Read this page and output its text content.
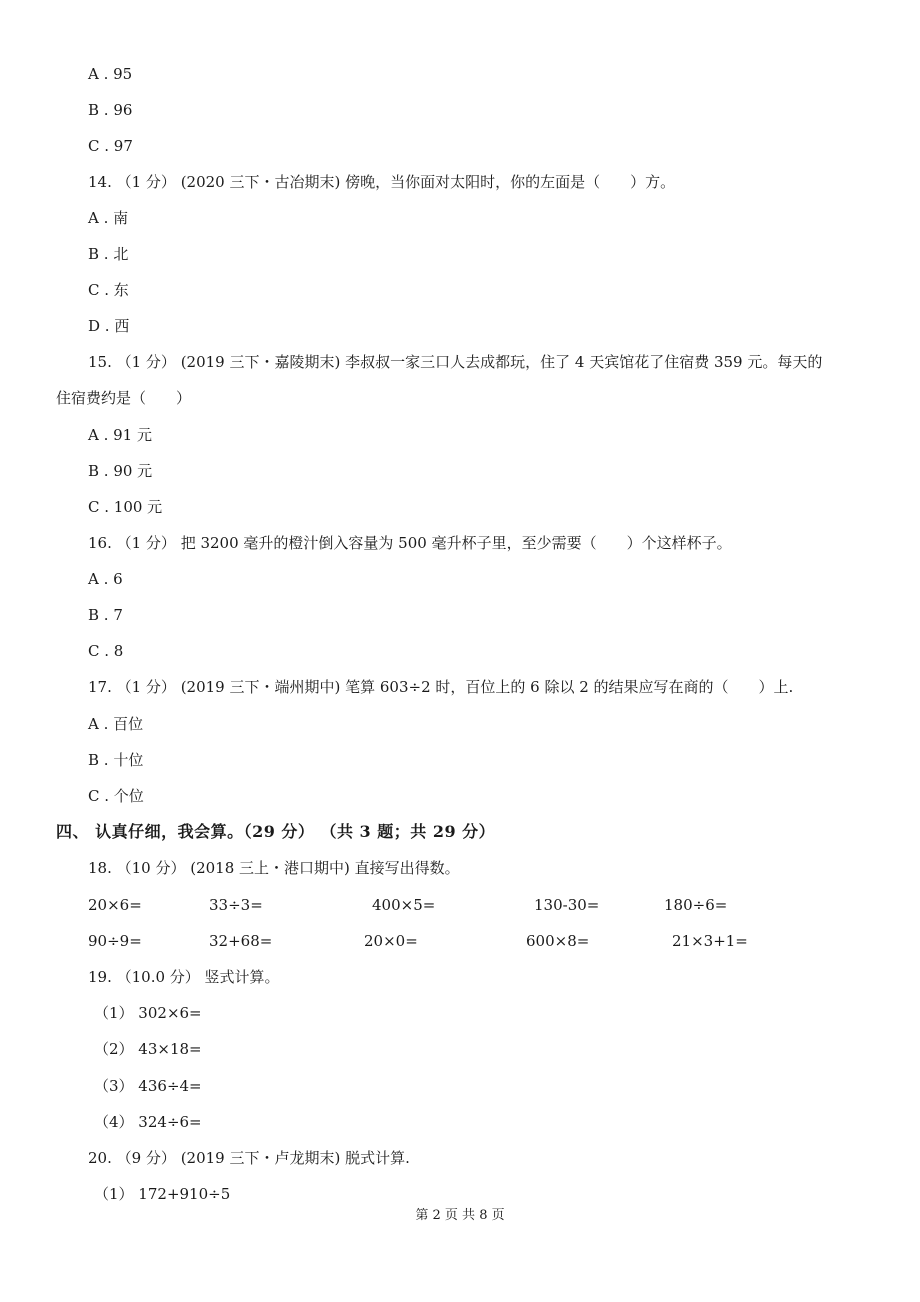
A . 95
B . 96
C . 97
14. （1 分） (2020 三下・古冶期末) 傍晚，当你面对太阳时，你的左面是（　　）方。
A . 南
B . 北
C . 东
D . 西
15. （1 分） (2019 三下・嘉陵期末) 李叔叔一家三口人去成都玩，住了 4 天宾馆花了住宿费 359 元。每天的
住宿费约是（　　）
A . 91 元
B . 90 元
C . 100 元
16. （1 分） 把 3200 毫升的橙汁倒入容量为 500 毫升杯子里，至少需要（　　）个这样杯子。
A . 6
B . 7
C . 8
17. （1 分） (2019 三下・端州期中) 笔算 603÷2 时，百位上的 6 除以 2 的结果应写在商的（　　）上.
A . 百位
B . 十位
C . 个位
四、 认真仔细，我会算。（29 分） （共 3 题；共 29 分）
18. （10 分） (2018 三上・港口期中) 直接写出得数。
20×6=	33÷3=	400×5=	130-30=	180÷6=
90÷9=	32+68=	20×0=	600×8=	21×3+1=
19. （10.0 分） 竖式计算。
（1） 302×6=
（2） 43×18=
（3） 436÷4=
（4） 324÷6=
20. （9 分） (2019 三下・卢龙期末) 脱式计算.
（1） 172+910÷5
第 2 页 共 8 页
